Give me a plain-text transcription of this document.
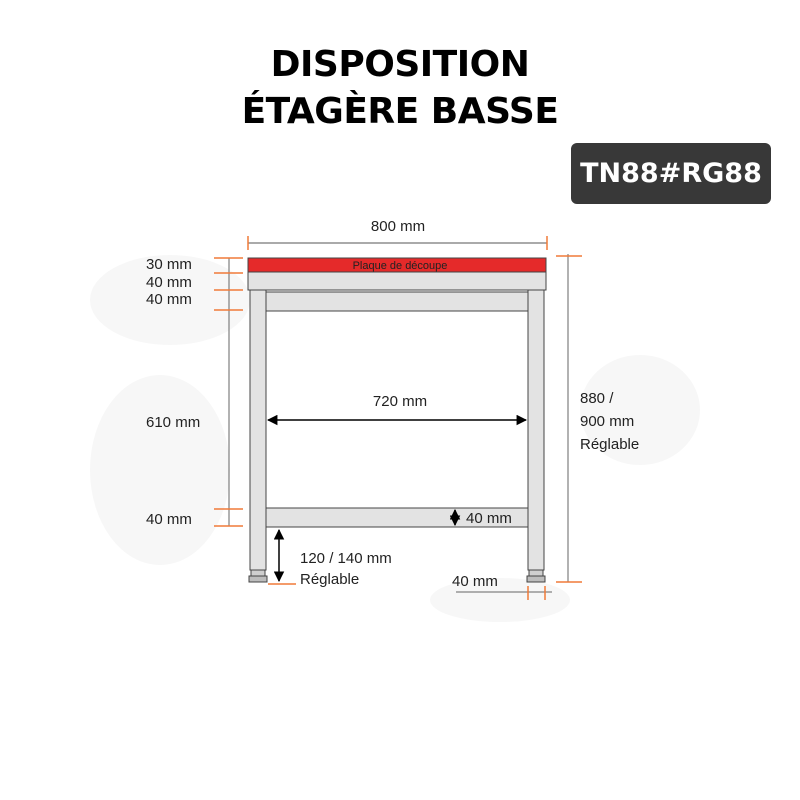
DISPOSITION
ÉTAGÈRE BASSE
TN88#RG88
800 mm
Plaque de découpe
720 mm
30 mm
40 mm
40 mm
610 mm
40 mm	40 mm
120 / 140 mm
Réglable	40 mm
880 /
900 mm
Réglable
